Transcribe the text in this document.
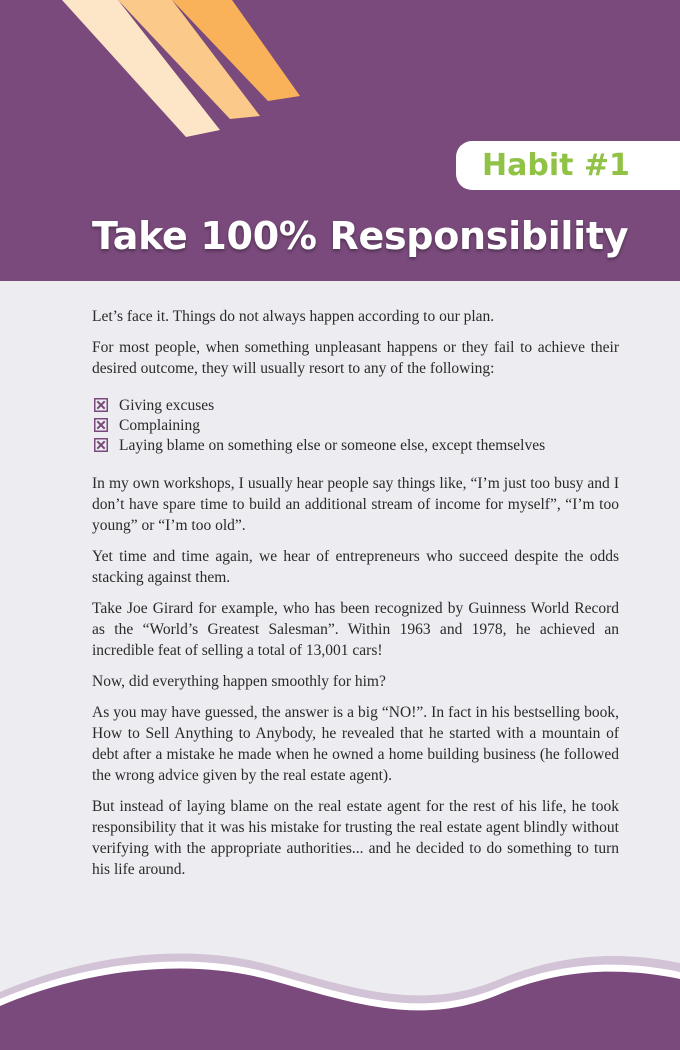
Habit #1
Take 100% Responsibility

Let’s face it. Things do not always happen according to our plan.

For most people, when something unpleasant happens or they fail to achieve their desired outcome, they will usually resort to any of the following:

Giving excuses
Complaining
Laying blame on something else or someone else, except themselves

In my own workshops, I usually hear people say things like, “I’m just too busy and I don’t have spare time to build an additional stream of income for myself”, “I’m too young” or “I’m too old”.

Yet time and time again, we hear of entrepreneurs who succeed despite the odds stacking against them.

Take Joe Girard for example, who has been recognized by Guinness World Record as the “World’s Greatest Salesman”. Within 1963 and 1978, he achieved an incredible feat of selling a total of 13,001 cars!

Now, did everything happen smoothly for him?

As you may have guessed, the answer is a big “NO!”. In fact in his bestselling book, How to Sell Anything to Anybody, he revealed that he started with a mountain of debt after a mistake he made when he owned a home building business (he followed the wrong advice given by the real estate agent).

But instead of laying blame on the real estate agent for the rest of his life, he took responsibility that it was his mistake for trusting the real estate agent blindly without verifying with the appropriate authorities... and he decided to do something to turn his life around.
